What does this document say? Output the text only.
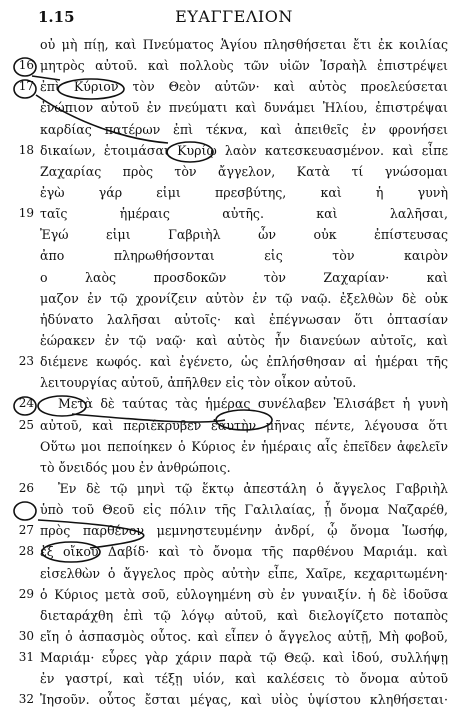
1.15	ΕΥΑΓΓΕΛΙΟΝ
οὐ μὴ πίῃ, καὶ Πνεύματος Ἁγίου πλησθήσεται ἔτι ἐκ κοιλίας
16 μητρὸς αὐτοῦ. καὶ πολλοὺς τῶν υἱῶν Ἰσραὴλ ἐπιστρέψει
17 ἐπὶ Κύριον τὸν Θεὸν αὐτῶν· καὶ αὐτὸς προελεύσεται
ἐνώπιον αὐτοῦ ἐν πνεύματι καὶ δυνάμει Ἠλίου, ἐπιστρέψαι
καρδίας πατέρων ἐπὶ τέκνα, καὶ ἀπειθεῖς ἐν φρονήσει
18 δικαίων, ἑτοιμάσαι Κυρίῳ λαὸν κατεσκευασμένον. καὶ εἶπε
Ζαχαρίας πρὸς τὸν ἄγγελον, Κατὰ τί γνώσομαι
ἐγὼ γάρ εἰμι πρεσβύτης, καὶ ἡ γυνὴ
19 ταῖς ἡμέραις αὐτῆς. καὶ λαλῆσαι,
Ἐγώ εἰμι Γαβριὴλ ὧν οὐκ ἐπίστευσας
ἀπο πληρωθήσονται εἰς τὸν καιρὸν
ο λαὸς προσδοκῶν τὸν Ζαχαρίαν· καὶ
μαζον ἐν τῷ χρονίζειν αὐτὸν ἐν τῷ ναῷ. ἐξελθὼν δὲ οὐκ
ἠδύνατο λαλῆσαι αὐτοῖς· καὶ ἐπέγνωσαν ὅτι ὀπτασίαν
ἑώρακεν ἐν τῷ ναῷ· καὶ αὐτὸς ἦν διανεύων αὐτοῖς, καὶ
23 διέμενε κωφός. καὶ ἐγένετο, ὡς ἐπλήσθησαν αἱ ἡμέραι τῆς
λειτουργίας αὐτοῦ, ἀπῆλθεν εἰς τὸν οἶκον αὐτοῦ.
24 Μετὰ δὲ ταύτας τὰς ἡμέρας συνέλαβεν Ἐλισάβετ ἡ γυνὴ
25 αὐτοῦ, καὶ περιέκρυβεν ἑαυτὴν μῆνας πέντε, λέγουσα ὅτι
Οὕτω μοι πεποίηκεν ὁ Κύριος ἐν ἡμέραις αἷς ἐπεῖδεν ἀφελεῖν
τὸ ὄνειδός μου ἐν ἀνθρώποις.
26 Ἐν δὲ τῷ μηνὶ τῷ ἕκτῳ ἀπεστάλη ὁ ἄγγελος Γαβριὴλ
ὑπὸ τοῦ Θεοῦ εἰς πόλιν τῆς Γαλιλαίας, ᾗ ὄνομα Ναζαρέθ,
27 πρὸς παρθένον μεμνηστευμένην ἀνδρί, ᾧ ὄνομα Ἰωσήφ,
28 ἐξ οἴκου Δαβίδ· καὶ τὸ ὄνομα τῆς παρθένου Μαριάμ. καὶ
εἰσελθὼν ὁ ἄγγελος πρὸς αὐτὴν εἶπε, Χαῖρε, κεχαριτωμένη·
29 ὁ Κύριος μετὰ σοῦ, εὐλογημένη σὺ ἐν γυναιξίν. ἡ δὲ ἰδοῦσα
διεταράχθη ἐπὶ τῷ λόγῳ αὐτοῦ, καὶ διελογίζετο ποταπὸς
30 εἴη ὁ ἀσπασμὸς οὗτος. καὶ εἶπεν ὁ ἄγγελος αὐτῇ, Μὴ φοβοῦ,
31 Μαριάμ· εὗρες γὰρ χάριν παρὰ τῷ Θεῷ. καὶ ἰδού, συλλήψῃ
ἐν γαστρί, καὶ τέξῃ υἱόν, καὶ καλέσεις τὸ ὄνομα αὐτοῦ
32 Ἰησοῦν. οὗτος ἔσται μέγας, καὶ υἱὸς ὑψίστου κληθήσεται·
